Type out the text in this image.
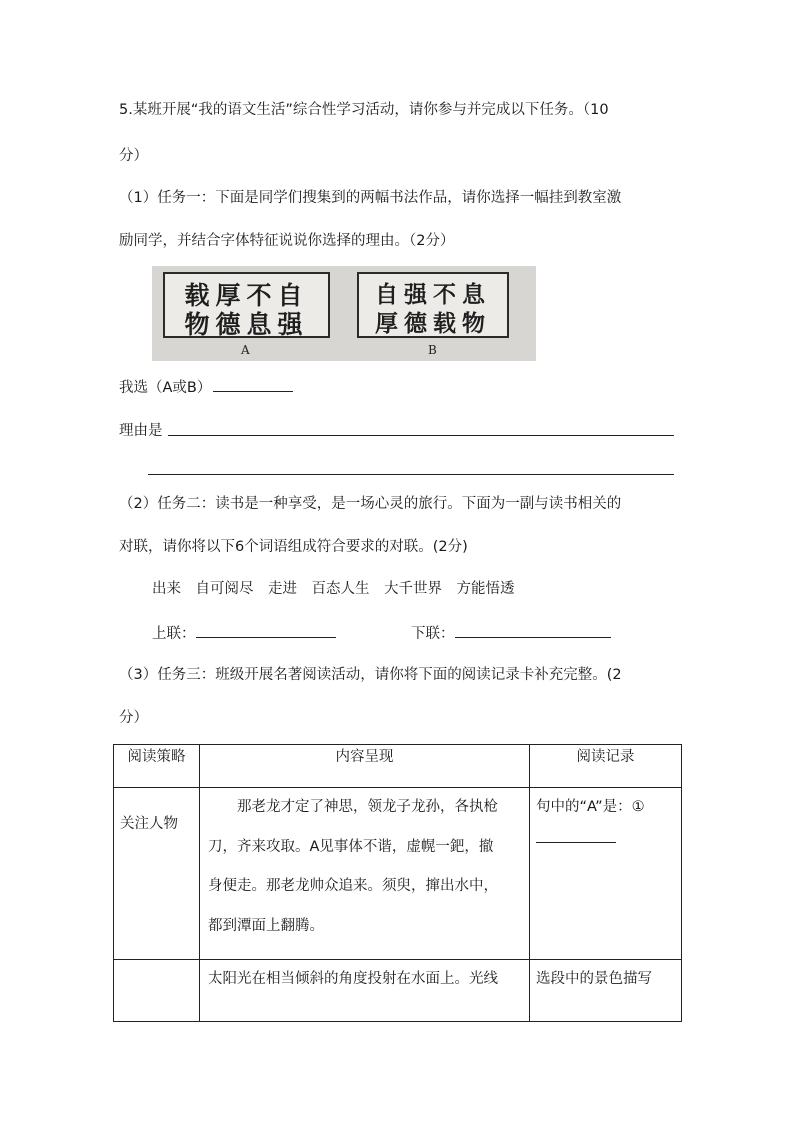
5.某班开展“我的语文生活”综合性学习活动，请你参与并完成以下任务。（10
分）
（1）任务一：下面是同学们搜集到的两幅书法作品，请你选择一幅挂到教室激
励同学，并结合字体特征说说你选择的理由。（2分）
载厚不自
物德息强
A
自强不息
厚德载物
B
我选（A或B）
理由是
（2）任务二：读书是一种享受，是一场心灵的旅行。下面为一副与读书相关的
对联，请你将以下6个词语组成符合要求的对联。(2分)
出来　自可阅尽　走进　百态人生　大千世界　方能悟透
上联：	下联：
（3）任务三：班级开展名著阅读活动，请你将下面的阅读记录卡补充完整。(2
分）
阅读策略	内容呈现	阅读记录

关注人物	　　那老龙才定了神思，领龙子龙孙，各执枪
刀，齐来攻取。A见事体不谐，虚幌一鈀，撤
身便走。那老龙帅众追来。须臾，撺出水中，
都到潭面上翻腾。	句中的“A”是：①

	太阳光在相当倾斜的角度投射在水面上。光线	选段中的景色描写
